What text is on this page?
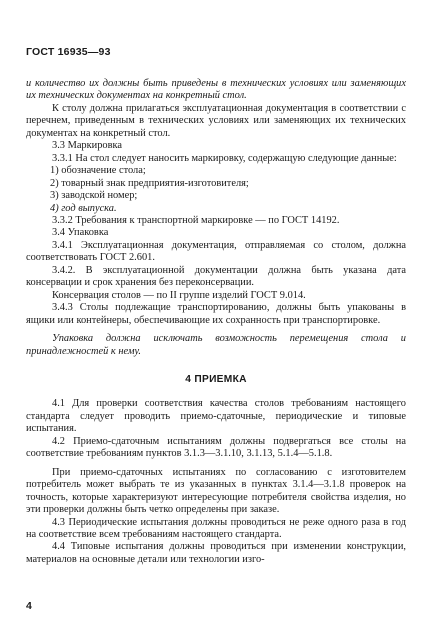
ГОСТ 16935—93

и количество их должны быть приведены в технических условиях или заменяющих их технических документах на конкретный стол.

К столу должна прилагаться эксплуатационная документация в соответствии с перечнем, приведенным в технических условиях или заменяющих их технических документах на конкретный стол.

3.3 Маркировка

3.3.1 На стол следует наносить маркировку, содержащую следующие данные:

1) обозначение стола;

2) товарный знак предприятия-изготовителя;

3) заводской номер;

4) год выпуска.

3.3.2 Требования к транспортной маркировке — по ГОСТ 14192.

3.4 Упаковка

3.4.1 Эксплуатационная документация, отправляемая со столом, должна соответствовать ГОСТ 2.601.

3.4.2. В эксплуатационной документации должна быть указана дата консервации и срок хранения без переконсервации.

Консервация столов — по II группе изделий ГОСТ 9.014.

3.4.3 Столы подлежащие транспортированию, должны быть упакованы в ящики или контейнеры, обеспечивающие их сохранность при транспортировке.

Упаковка должна исключать возможность перемещения стола и принадлежностей к нему.

4 ПРИЕМКА

4.1 Для проверки соответствия качества столов требованиям настоящего стандарта следует проводить приемо-сдаточные, периодические и типовые испытания.

4.2 Приемо-сдаточным испытаниям должны подвергаться все столы на соответствие требованиям пунктов 3.1.3—3.1.10, 3.1.13, 5.1.4—5.1.8.

При приемо-сдаточных испытаниях по согласованию с изготовителем потребитель может выбрать те из указанных в пунктах 3.1.4—3.1.8 проверок на точность, которые характеризуют интересующие потребителя свойства изделия, но эти проверки должны быть четко определены при заказе.

4.3 Периодические испытания должны проводиться не реже одного раза в год на соответствие всем требованиям настоящего стандарта.

4.4 Типовые испытания должны проводиться при изменении конструкции, материалов на основные детали или технологии изго-

4
